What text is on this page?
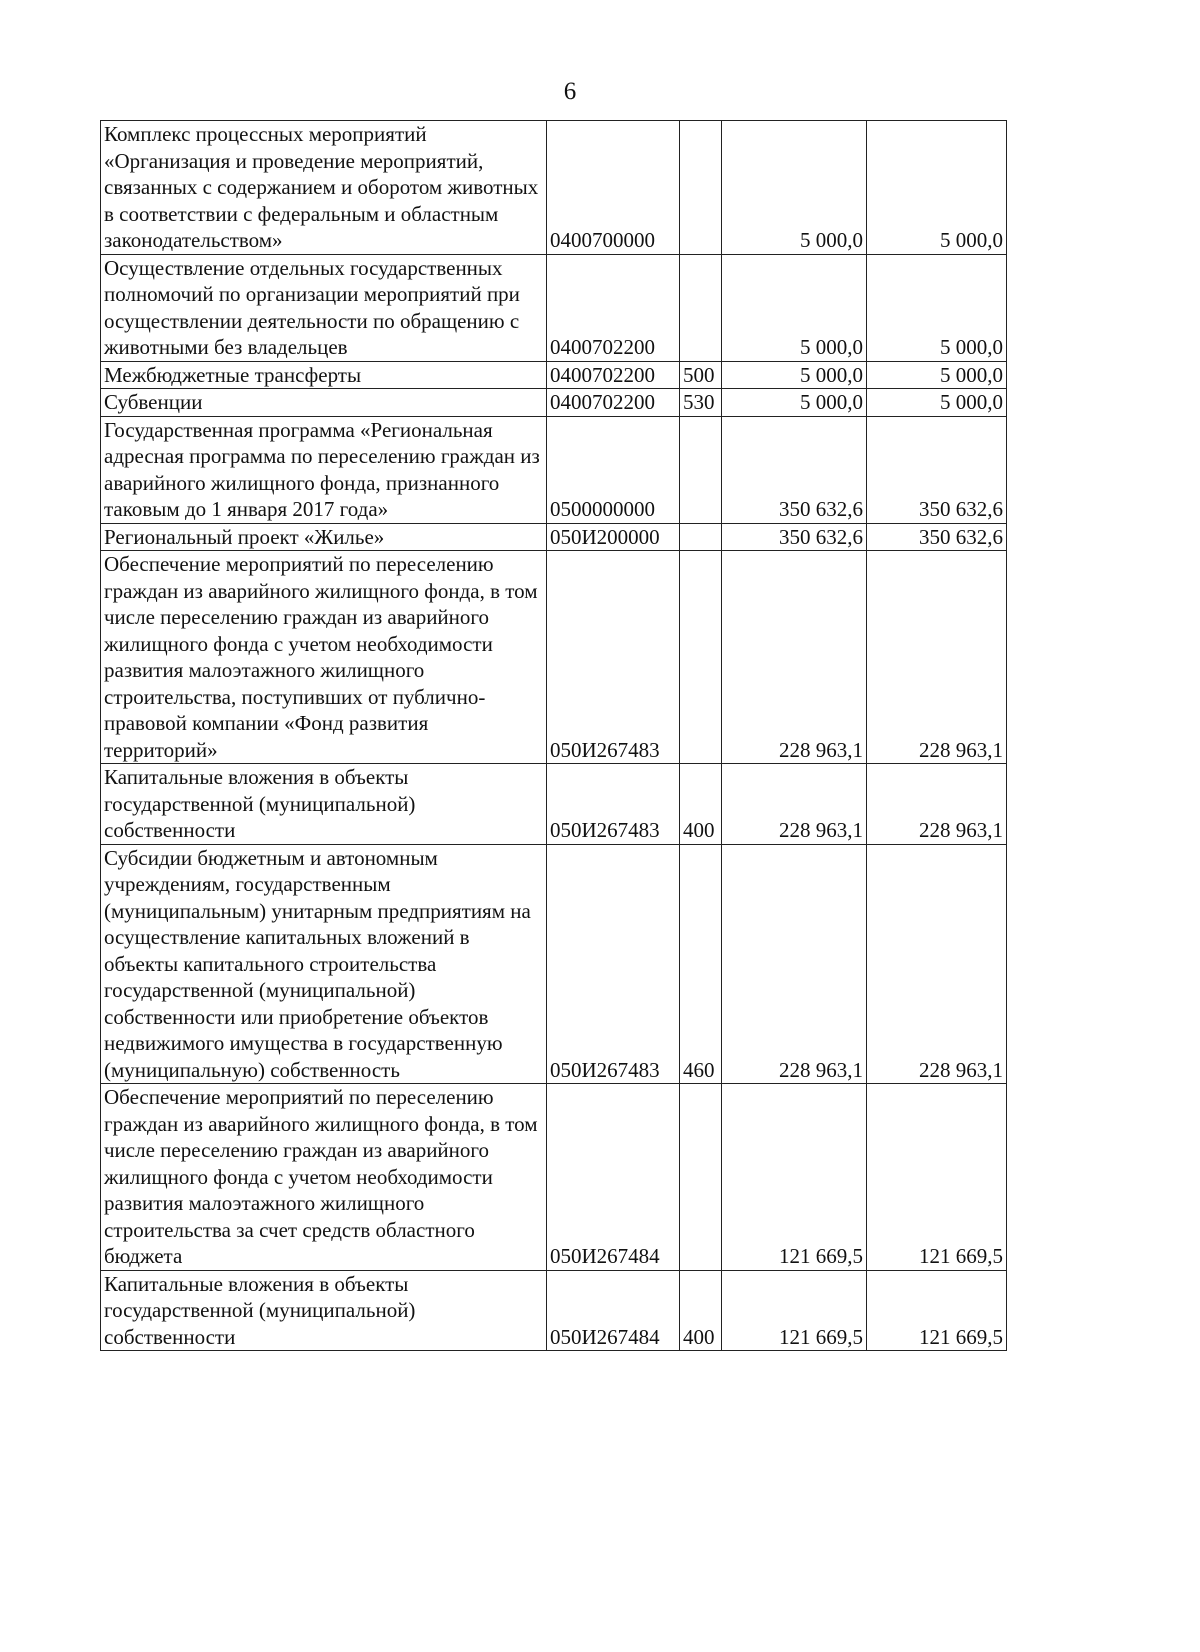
6
Комплекс процессных мероприятий «Организация и проведение мероприятий, связанных с содержанием и оборотом животных в соответствии с федеральным и областным законодательством»	0400700000		5 000,0	5 000,0
Осуществление отдельных государственных полномочий по организации мероприятий при осуществлении деятельности по обращению с животными без владельцев	0400702200		5 000,0	5 000,0
Межбюджетные трансферты	0400702200	500	5 000,0	5 000,0
Субвенции	0400702200	530	5 000,0	5 000,0
Государственная программа «Региональная адресная программа по переселению граждан из аварийного жилищного фонда, признанного таковым до 1 января 2017 года»	0500000000		350 632,6	350 632,6
Региональный проект «Жилье»	050И200000		350 632,6	350 632,6
Обеспечение мероприятий по переселению граждан из аварийного жилищного фонда, в том числе переселению граждан из аварийного жилищного фонда с учетом необходимости развития малоэтажного жилищного строительства, поступивших от публично-правовой компании «Фонд развития территорий»	050И267483		228 963,1	228 963,1
Капитальные вложения в объекты государственной (муниципальной) собственности	050И267483	400	228 963,1	228 963,1
Субсидии бюджетным и автономным учреждениям, государственным (муниципальным) унитарным предприятиям на осуществление капитальных вложений в объекты капитального строительства государственной (муниципальной) собственности или приобретение объектов недвижимого имущества в государственную (муниципальную) собственность	050И267483	460	228 963,1	228 963,1
Обеспечение мероприятий по переселению граждан из аварийного жилищного фонда, в том числе переселению граждан из аварийного жилищного фонда с учетом необходимости развития малоэтажного жилищного строительства за счет средств областного бюджета	050И267484		121 669,5	121 669,5
Капитальные вложения в объекты государственной (муниципальной) собственности	050И267484	400	121 669,5	121 669,5
